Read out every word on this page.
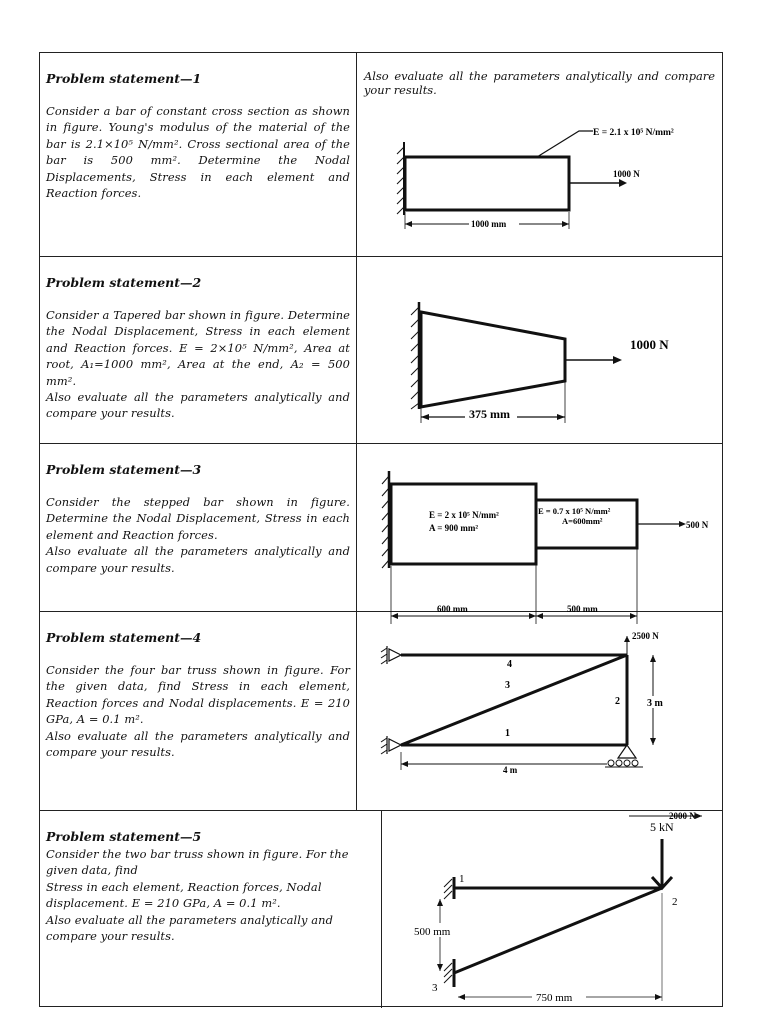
Problem statement—1
Consider a bar of constant cross section as shown in figure. Young's modulus of the material of the bar is 2.1×10⁵ N/mm². Cross sectional area of the bar is 500 mm². Determine the Nodal Displacements, Stress in each element and Reaction forces.
Also evaluate all the parameters analytically and compare your results.
1000 N
E = 2.1 x 10⁵ N/mm²
1000 mm
Problem statement—2

Consider a Tapered bar shown in figure. Determine the Nodal Displacement, Stress in each element and Reaction forces. E = 2×10⁵ N/mm², Area at root, A₁=1000 mm², Area at the end, A₂ = 500 mm².

Also evaluate all the parameters analytically and compare your results.

1000 N
375 mm
Problem statement—3

Consider the stepped bar shown in figure. Determine the Nodal Displacement, Stress in each element and Reaction forces.

Also evaluate all the parameters analytically and compare your results.

E = 2 x 10⁵ N/mm²
A = 900 mm²
E = 0.7 x 10⁵ N/mm²
A=600mm²	500 N
600 mm	500 mm
Problem statement—4

Consider the four bar truss shown in figure. For the given data, find Stress in each element, Reaction forces and Nodal displacements. E = 210 GPa, A = 0.1 m².

Also evaluate all the parameters analytically and compare your results.

4
1
2
3
2500 N
2000 N
3 m
4 m
Problem statement—5

Consider the two bar truss shown in figure. For the given data, find

Stress in each element, Reaction forces, Nodal displacement. E = 210 GPa, A = 0.1 m².

Also evaluate all the parameters analytically and compare your results.

5 kN
1
2
3
500 mm
750 mm
